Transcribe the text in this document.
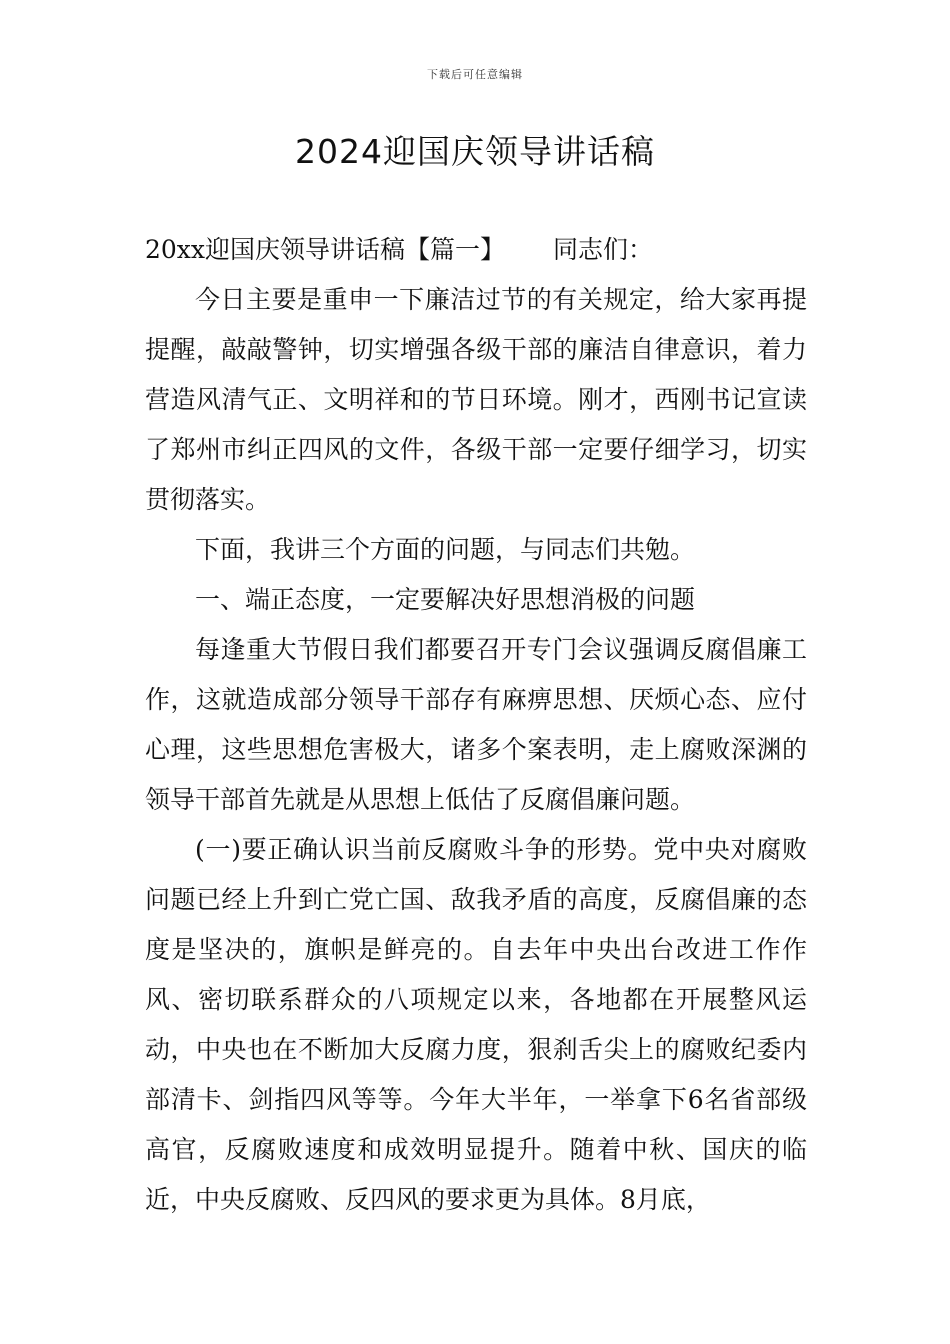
下载后可任意编辑
2024迎国庆领导讲话稿

20xx迎国庆领导讲话稿【篇一】 同志们：

今日主要是重申一下廉洁过节的有关规定，给大家再提提醒，敲敲警钟，切实增强各级干部的廉洁自律意识，着力营造风清气正、文明祥和的节日环境。刚才，西刚书记宣读了郑州市纠正四风的文件，各级干部一定要仔细学习，切实贯彻落实。

下面，我讲三个方面的问题，与同志们共勉。

一、端正态度，一定要解决好思想消极的问题

每逢重大节假日我们都要召开专门会议强调反腐倡廉工作，这就造成部分领导干部存有麻痹思想、厌烦心态、应付心理，这些思想危害极大，诸多个案表明，走上腐败深渊的领导干部首先就是从思想上低估了反腐倡廉问题。

(一)要正确认识当前反腐败斗争的形势。党中央对腐败问题已经上升到亡党亡国、敌我矛盾的高度，反腐倡廉的态度是坚决的，旗帜是鲜亮的。自去年中央出台改进工作作风、密切联系群众的八项规定以来，各地都在开展整风运动，中央也在不断加大反腐力度，狠刹舌尖上的腐败纪委内部清卡、剑指四风等等。今年大半年，一举拿下6名省部级高官，反腐败速度和成效明显提升。随着中秋、国庆的临近，中央反腐败、反四风的要求更为具体。8月底，
